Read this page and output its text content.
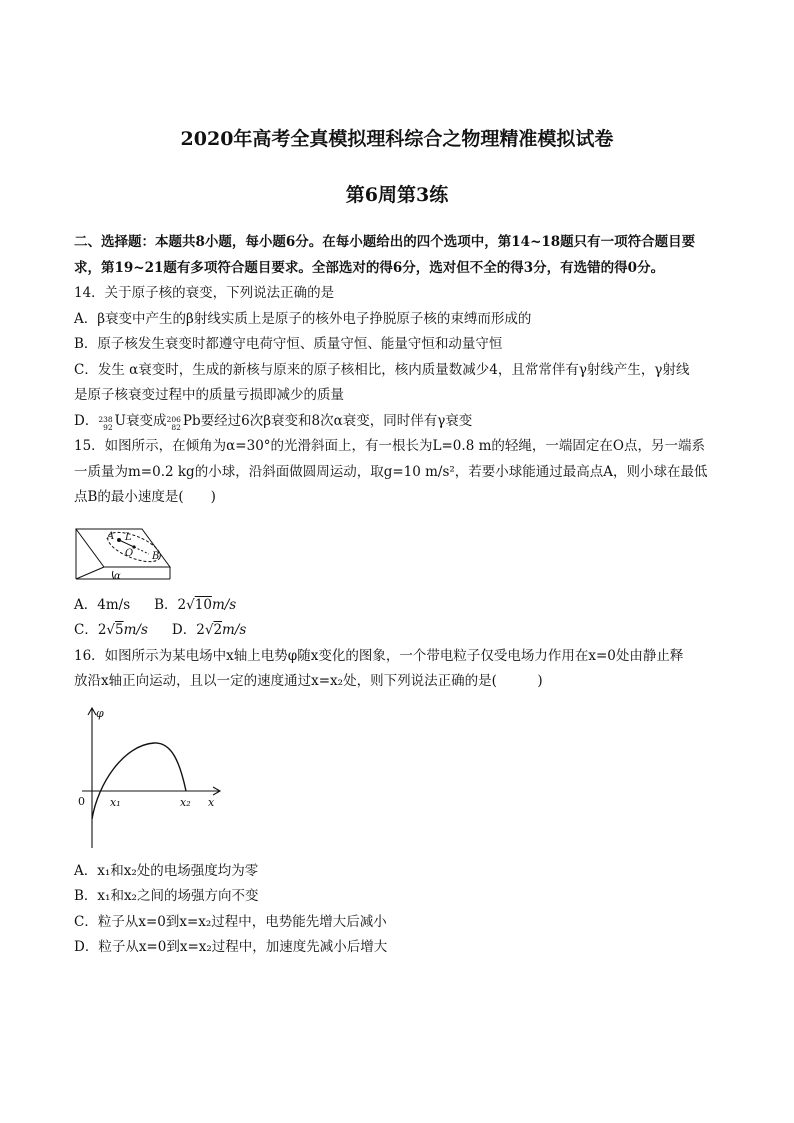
2020年高考全真模拟理科综合之物理精准模拟试卷
第6周第3练
二、选择题：本题共8小题，每小题6分。在每小题给出的四个选项中，第14~18题只有一项符合题目要
求，第19~21题有多项符合题目要求。全部选对的得6分，选对但不全的得3分，有选错的得0分。
14．关于原子核的衰变，下列说法正确的是
A．β衰变中产生的β射线实质上是原子的核外电子挣脱原子核的束缚而形成的
B．原子核发生衰变时都遵守电荷守恒、质量守恒、能量守恒和动量守恒
C．发生 α衰变时，生成的新核与原来的原子核相比，核内质量数减少4，且常常伴有γ射线产生，γ射线
是原子核衰变过程中的质量亏损即减少的质量
D．238
92 U衰变成206
82 Pb要经过6次β衰变和8次α衰变，同时伴有γ衰变
15．如图所示，在倾角为α=30°的光滑斜面上，有一根长为L=0.8 m的轻绳，一端固定在O点，另一端系
一质量为m=0.2 kg的小球，沿斜面做圆周运动，取g=10 m/s²，若要小球能通过最高点A，则小球在最低
点B的最小速度是(　　)
A L
O B
α
A．4m/s B．2√10m/s
C．2√5m/s D．2√2m/s
16．如图所示为某电场中x轴上电势φ随x变化的图象，一个带电粒子仅受电场力作用在x=0处由静止释
放沿x轴正向运动，且以一定的速度通过x=x₂处，则下列说法正确的是(　　　)
φ
0 x₁	x₂ x
A．x₁和x₂处的电场强度均为零
B．x₁和x₂之间的场强方向不变
C．粒子从x=0到x=x₂过程中，电势能先增大后减小
D．粒子从x=0到x=x₂过程中，加速度先减小后增大
